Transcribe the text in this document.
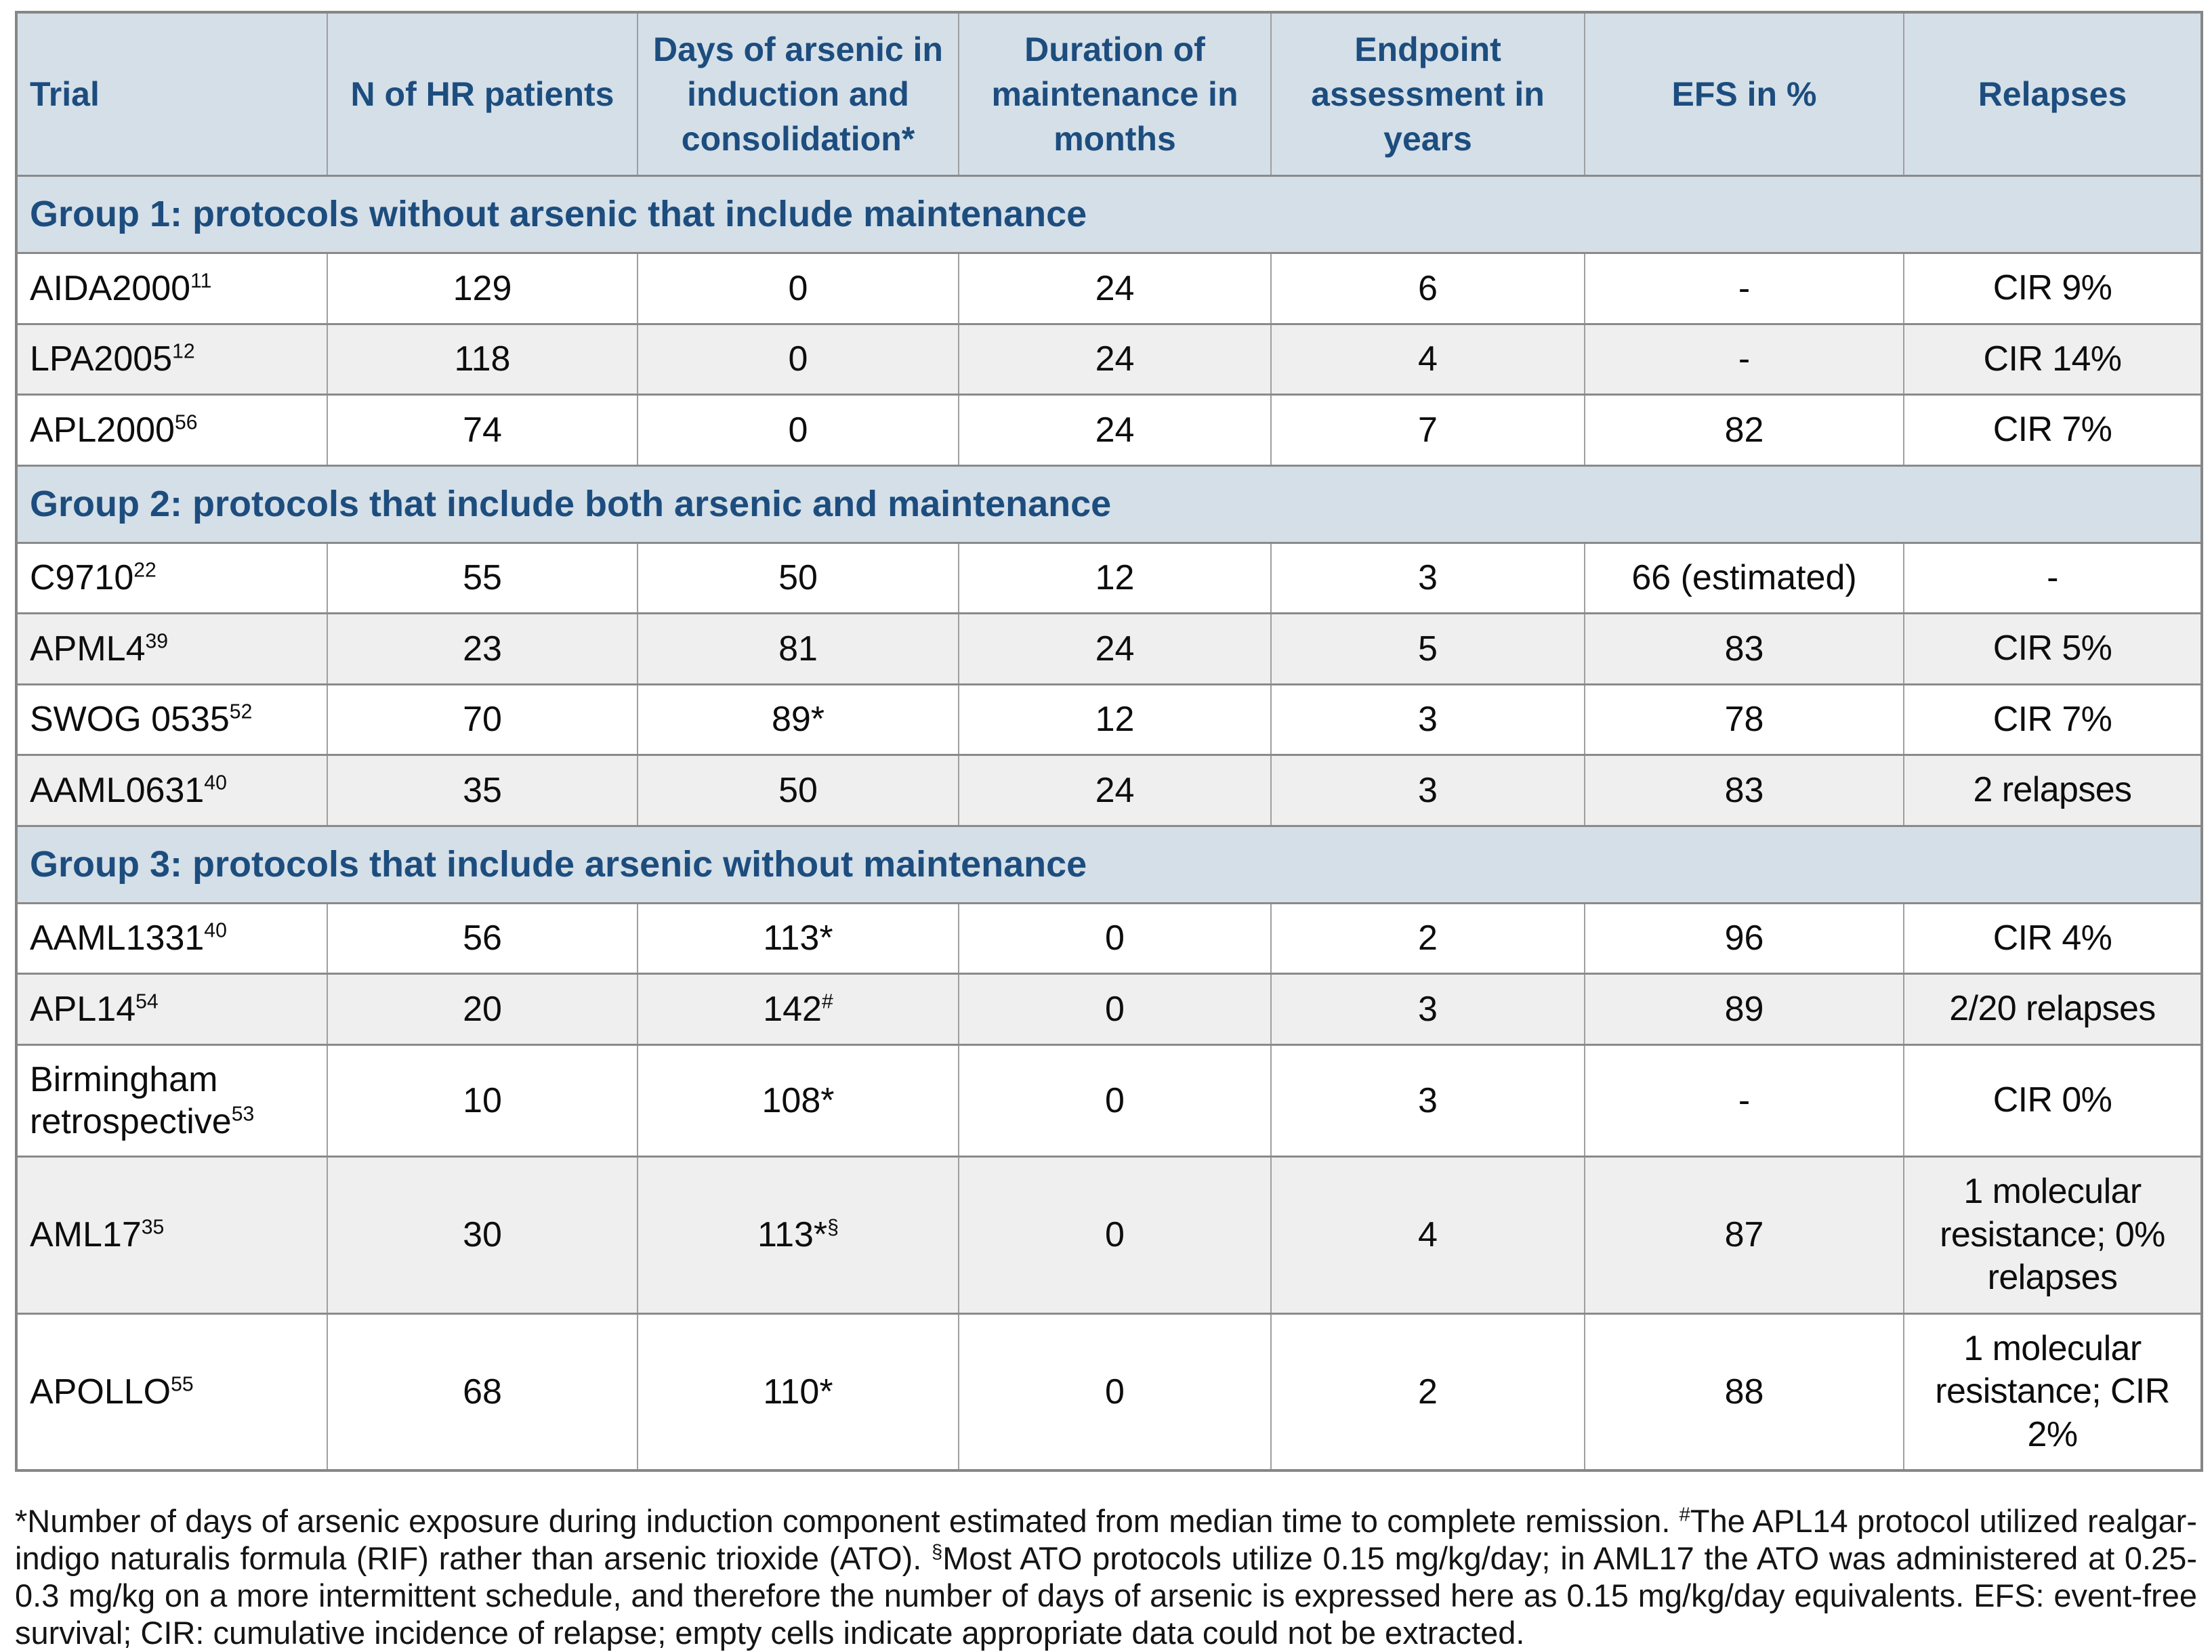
Trial	N of HR patients	Days of arsenic in induction and consolidation*	Duration of maintenance in months	Endpoint assessment in years	EFS in %	Relapses
Group 1: protocols without arsenic that include maintenance						
AIDA2000$^{11}$	129	0	24	6	-	CIR 9%
LPA2005$^{12}$	118	0	24	4	-	CIR 14%
APL2000$^{56}$	74	0	24	7	82	CIR 7%
Group 2: protocols that include both arsenic and maintenance						
C9710$^{22}$	55	50	12	3	66 (estimated)	-
$APML4^{39}$	23	81	24	5	83	CIR 5%
SWOG 0535$^{52}$	70	89*	12	3	78	CIR 7%
AAML0631$^{40}$	35	50	24	3	83	2 relapses
Group 3: protocols that include arsenic without maintenance						
AAML1331$^{40}$	56	113*	0	2	96	CIR 4%
$APL14^{54}$	20	142#	0	3	89	2/20 relapses
Birmingham retrospective$^{53}$	10	108*	0	3	-	CIR 0%
$AML17^{35}$	30	113*§	0	4	87	1 molecular resistance; 0% relapses
APOLLO$^{55}$	68	110*	0	2	88	1 molecular resistance; CIR 2%
*Number of days of arsenic exposure during induction component estimated from median time to complete remission. #The APL14 protocol utilized realgar-indigo naturalis formula (RIF) rather than arsenic trioxide (ATO). §Most ATO protocols utilize 0.15 mg/kg/day; in AML17 the ATO was administered at 0.25-0.3 mg/kg on a more intermittent schedule, and therefore the number of days of arsenic is expressed here as 0.15 mg/kg/day equivalents. EFS: event-free survival; CIR: cumulative incidence of relapse; empty cells indicate appropriate data could not be extracted.
